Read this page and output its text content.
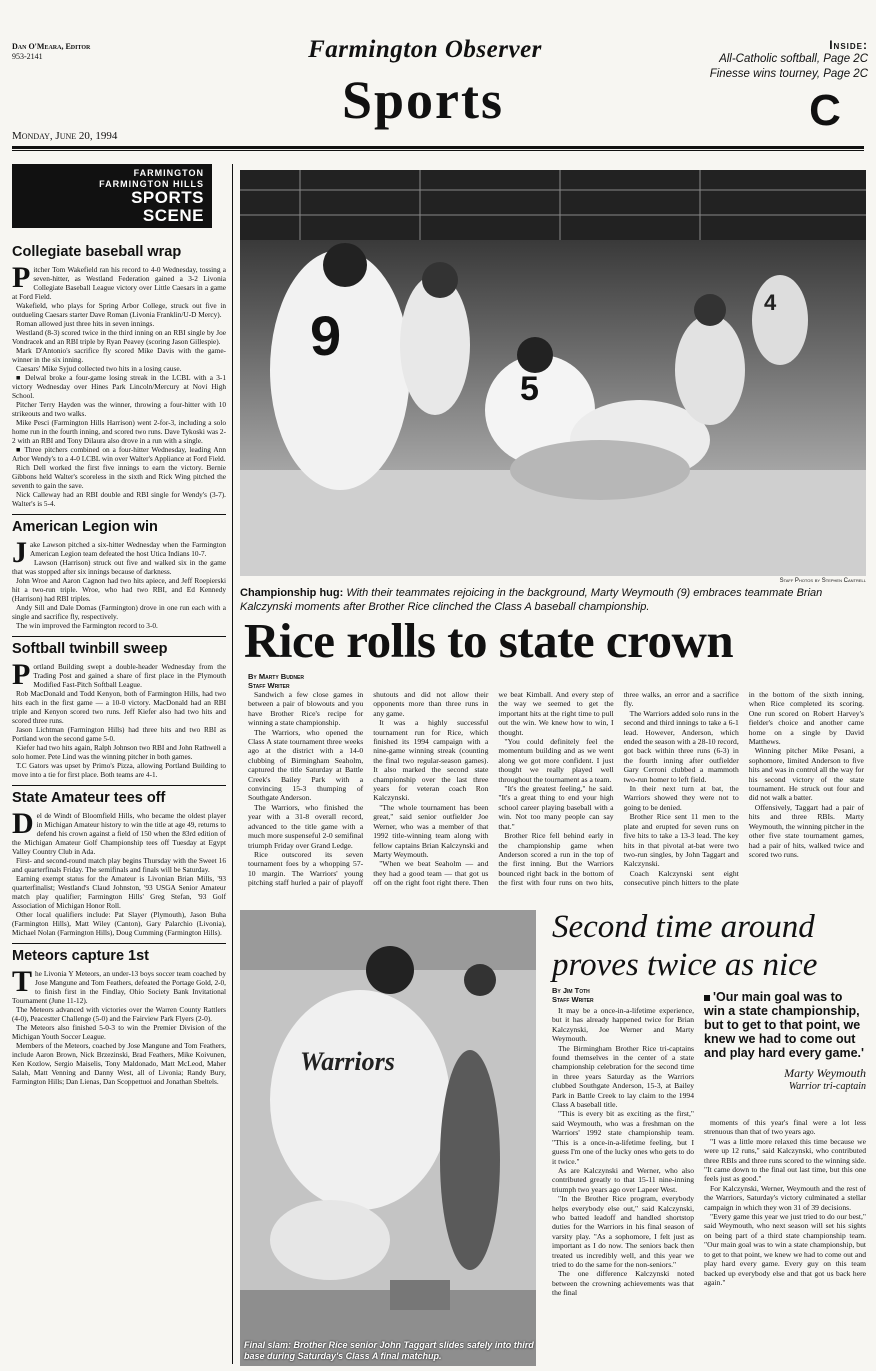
Dan O'Meara, Editor
953-2141	Farmington Observer
Sports
Monday, June 20, 1994
Inside:
All-Catholic softball, Page 2C
Finesse wins tourney, Page 2C
C
FARMINGTON
FARMINGTON HILLS
SPORTS
SCENE
Collegiate baseball wrap

Pitcher Tom Wakefield ran his record to 4-0 Wednesday, tossing a seven-hitter, as Westland Federation gained a 3-2 Livonia Collegiate Baseball League victory over Little Caesars in a game at Ford Field.

Wakefield, who plays for Spring Arbor College, struck out five in outdueling Caesars starter Dave Roman (Livonia Franklin/U-D Mercy).

Roman allowed just three hits in seven innings.

Westland (8-3) scored twice in the third inning on an RBI single by Joe Vondracek and an RBI triple by Ryan Peavey (scoring Jason Gillespie).

Mark D'Antonio's sacrifice fly scored Mike Davis with the game-winner in the six inning.

Caesars' Mike Syjud collected two hits in a losing cause.

■ Delwal broke a four-game losing streak in the LCBL with a 3-1 victory Wednesday over Hines Park Lincoln/Mercury at Novi High School.

Pitcher Terry Hayden was the winner, throwing a four-hitter with 10 strikeouts and two walks.

Mike Pesci (Farmington Hills Harrison) went 2-for-3, including a solo home run in the fourth inning, and scored two runs. Dave Tykoski was 2-2 with an RBI and Tony Dilaura also drove in a run with a single.

■ Three pitchers combined on a four-hitter Wednesday, leading Ann Arbor Wendy's to a 4-0 LCBL win over Walter's Appliance at Ford Field.

Rich Dell worked the first five innings to earn the victory. Bernie Gibbons held Walter's scoreless in the sixth and Rick Wing pitched the seventh to gain the save.

Nick Calleway had an RBI double and RBI single for Wendy's (3-7). Walter's is 5-4.

American Legion win

Jake Lawson pitched a six-hitter Wednesday when the Farmington American Legion team defeated the host Utica Indians 10-7.

Lawson (Harrison) struck out five and walked six in the game that was stopped after six innings because of darkness.

John Wroe and Aaron Cagnon had two hits apiece, and Jeff Roepierski hit a two-run triple. Wroe, who had two RBI, and Ed Kennedy (Harrison) had RBI triples.

Andy Sill and Dale Domas (Farmington) drove in one run each with a single and sacrifice fly, respectively.

The win improved the Farmington record to 3-0.

Softball twinbill sweep

Portland Building swept a double-header Wednesday from the Trading Post and gained a share of first place in the Plymouth Modified Fast-Pitch Softball League.

Rob MacDonald and Todd Kenyon, both of Farmington Hills, had two hits each in the first game — a 10-0 victory. MacDonald had an RBI triple and Kenyon scored two runs. Jeff Kiefer also had two hits and scored three runs.

Jason Lichtman (Farmington Hills) had three hits and two RBI as Portland won the second game 5-0.

Kiefer had two hits again, Ralph Johnson two RBI and John Rathwell a solo homer. Pete Lind was the winning pitcher in both games.

T.C Gators was upset by Primo's Pizza, allowing Portland Building to move into a tie for first place. Both teams are 4-1.

State Amateur tees off

Del de Windt of Bloomfield Hills, who became the oldest player in Michigan Amateur history to win the title at age 49, returns to defend his crown against a field of 150 when the 83rd edition of the Michigan Amateur Golf Championship tees off Tuesday at Egypt Valley Country Club in Ada.

First- and second-round match play begins Thursday with the Sweet 16 and quarterfinals Friday. The semifinals and finals will be Saturday.

Earning exempt status for the Amateur is Livonian Brian Mills, '93 quarterfinalist; Westland's Claud Johnston, '93 USGA Senior Amateur match play qualifier; Farmington Hills' Greg Stefan, '93 Golf Association of Michigan Honor Roll.

Other local qualifiers include: Pat Slayer (Plymouth), Jason Buha (Farmington Hills), Matt Wiley (Canton), Gary Palarchio (Livonia), Michael Nolan (Farmington Hills), Doug Cumming (Farmington Hills).

Meteors capture 1st

The Livonia Y Meteors, an under-13 boys soccer team coached by Jose Mangune and Tom Feathers, defeated the Portage Gold, 2-0, to finish first in the Findlay, Ohio Society Bank Invitational Tournament (June 11-12).

The Meteors advanced with victories over the Warren County Rattlers (4-0), Peacestter Challenge (5-0) and the Fairview Park Flyers (2-0).

The Meteors also finished 5-0-3 to win the Premier Division of the Michigan Youth Soccer League.

Members of the Meteors, coached by Jose Mangune and Tom Feathers, include Aaron Brown, Nick Brzezinski, Brad Feathers, Mike Koivunen, Ken Kozlow, Sergio Maiselis, Tony Maldonado, Matt McLeod, Maher Salah, Matt Venning and Danny West, all of Livonia; Randy Bury, Farmington Hills; Dan Lienas, Dan Scoppettuoi and Jonathan Sbeltels.

9
5
4
Staff Photos by Stephen Cantrell
Championship hug: With their teammates rejoicing in the background, Marty Weymouth (9) embraces teammate Brian Kalczynski moments after Brother Rice clinched the Class A baseball championship.
Rice rolls to state crown
By Marty Budner
Staff Writer

Sandwich a few close games in between a pair of blowouts and you have Brother Rice's recipe for winning a state championship.

The Warriors, who opened the Class A state tournament three weeks ago at the district with a 14-0 clubbing of Birmingham Seaholm, captured the title Saturday at Battle Creek's Bailey Park with a convincing 15-3 thumping of Southgate Anderson.

The Warriors, who finished the year with a 31-8 overall record, advanced to the title game with a much more suspenseful 2-0 semifinal triumph Friday over Grand Ledge.

Rice outscored its seven tournament foes by a whopping 57-10 margin. The Warriors' young pitching staff hurled a pair of playoff shutouts and did not allow their opponents more than three runs in any game.

It was a highly successful tournament run for Rice, which finished its 1994 campaign with a nine-game winning streak (counting the final two regular-season games). It also marked the second state championship over the last three years for veteran coach Ron Kalczynski.

"The whole tournament has been great," said senior outfielder Joe Werner, who was a member of that 1992 title-winning team along with fellow captains Brian Kalczynski and Marty Weymouth.

"When we beat Seaholm — and they had a good team — that got us off on the right foot right there. Then we beat Kimball. And every step of the way we seemed to get the important hits at the right time to pull out the win. We knew how to win, I thought.

"You could definitely feel the momentum building and as we went along we got more confident. I just thought we really played well throughout the tournament as a team.

"It's the greatest feeling," he said. "It's a great thing to end your high school career playing baseball with a win. Not too many people can say that."

Brother Rice fell behind early in the championship game when Anderson scored a run in the top of the first inning. But the Warriors bounced right back in the bottom of the first with four runs on two hits, three walks, an error and a sacrifice fly.

The Warriors added solo runs in the second and third innings to take a 6-1 lead. However, Anderson, which ended the season with a 28-10 record, got back within three runs (6-3) in the fourth inning after outfielder Gary Cerroni clubbed a mammoth two-run homer to left field.

In their next turn at bat, the Warriors showed they were not to going to be denied.

Brother Rice sent 11 men to the plate and erupted for seven runs on five hits to take a 13-3 lead. The key hits in that pivotal at-bat were two two-run singles, by John Taggart and Kalczynski.

Coach Kalczynski sent eight consecutive pinch hitters to the plate in the bottom of the sixth inning, when Rice completed its scoring. One run scored on Robert Harvey's fielder's choice and another came home on a single by David Matthews.

Winning pitcher Mike Pesani, a sophomore, limited Anderson to five hits and was in control all the way for his second victory of the state tournament. He struck out four and did not walk a batter.

Offensively, Taggart had a pair of hits and three RBIs. Marty Weymouth, the winning pitcher in the other five state tournament games, had a pair of hits, walked twice and scored two runs.

Warriors
Final slam: Brother Rice senior John Taggart slides safely into third base during Saturday's Class A final matchup.
Second time around proves twice as nice
By Jim Toth
Staff Writer

It may be a once-in-a-lifetime experience, but it has already happened twice for Brian Kalczynski, Joe Werner and Marty Weymouth.

The Birmingham Brother Rice tri-captains found themselves in the center of a state championship celebration for the second time in three years Saturday as the Warriors clubbed Southgate Anderson, 15-3, at Bailey Park in Battle Creek to lay claim to the 1994 Class A baseball title.

"This is every bit as exciting as the first," said Weymouth, who was a freshman on the Warriors' 1992 state championship team. "This is a once-in-a-lifetime feeling, but I guess I'm one of the lucky ones who gets to do it twice."

As are Kalczynski and Werner, who also contributed greatly to that 15-11 nine-inning triumph two years ago over Lapeer West.

"In the Brother Rice program, everybody helps everybody else out," said Kalczynski, who batted leadoff and handled shortstop duties for the Warriors in his final season of varsity play. "As a sophomore, I felt just as important as I do now. The seniors back then treated us incredibly well, and this year we tried to do the same for the non-seniors."

The one difference Kalczynski noted between the crowning achievements was that the final

'Our main goal was to win a state championship, but to get to that point, we knew we had to come out and play hard every game.'
Marty Weymouth
Warrior tri-captain

moments of this year's final were a lot less strenuous than that of two years ago.

"I was a little more relaxed this time because we were up 12 runs," said Kalczynski, who contributed three RBIs and three runs scored to the winning side. "It came down to the final out last time, but this one feels just as good."

For Kalczynski, Werner, Weymouth and the rest of the Warriors, Saturday's victory culminated a stellar campaign in which they won 31 of 39 decisions.

"Every game this year we just tried to do our best," said Weymouth, who next season will set his sights on being part of a third state championship team. "Our main goal was to win a state championship, but to get to that point, we knew we had to come out and play hard every game. Every guy on this team backed up everybody else and that got us back here again."
